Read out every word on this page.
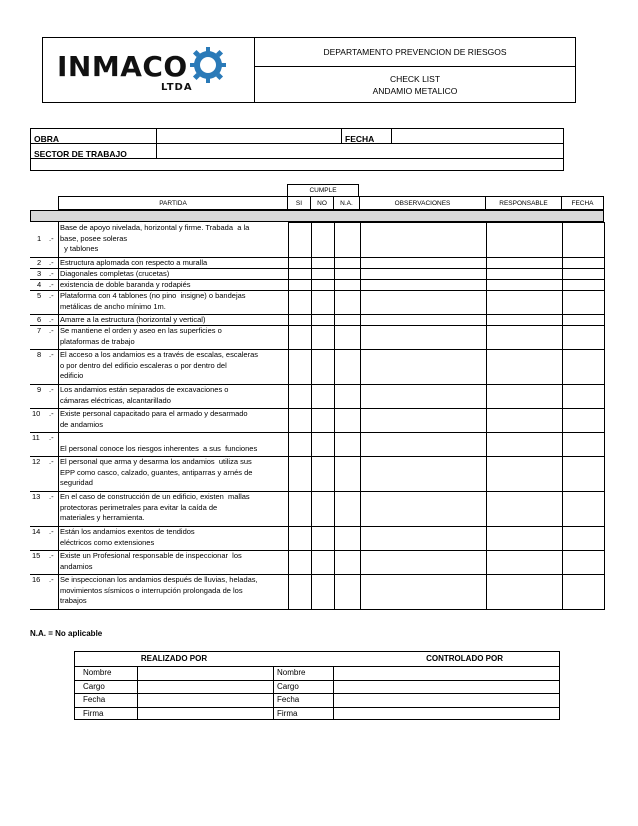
INMACO
LTDA
DEPARTAMENTO PREVENCION DE RIESGOS
CHECK LIST
ANDAMIO METALICO
OBRA	FECHA
SECTOR DE TRABAJO
CUMPLE
PARTIDA	SI	NO	N.A.	OBSERVACIONES	RESPONSABLE	FECHA
1 .-
Base de apoyo nivelada, horizontal y firme. Trabada  a la
base, posee soleras
y tablones
2 .- Estructura aplomada con respecto a muralla
3 .- Diagonales completas (crucetas)
4 .- existencia de doble baranda y rodapiés
5 .- Plataforma con 4 tablones (no pino  insigne) o bandejas
metálicas de ancho mínimo 1m.
6 .- Amarre a la estructura (horizontal y vertical)
7 .- Se mantiene el orden y aseo en las superficies o
plataformas de trabajo
8 .- El acceso a los andamios es a través de escalas, escaleras
o por dentro del edificio escaleras o por dentro del
edificio
9 .- Los andamios están separados de excavaciones o
cámaras eléctricas, alcantarillado
10 .- Existe personal capacitado para el armado y desarmado
de andamios
11 .-
El personal conoce los riesgos inherentes  a sus  funciones
12 .- El personal que arma y desarma los andamios  utiliza sus
EPP como casco, calzado, guantes, antiparras y arnés de
seguridad
13 .- En el caso de construcción de un edificio, existen  mallas
protectoras perimetrales para evitar la caída de
materiales y herramienta.
14 .- Están los andamios exentos de tendidos
eléctricos como extensiones
15 .- Existe un Profesional responsable de inspeccionar  los
andamios
16 .- Se inspeccionan los andamios después de lluvias, heladas,
movimientos sísmicos o interrupción prolongada de los
trabajos
N.A. = No aplicable
REALIZADO POR	CONTROLADO POR
Nombre	Nombre
Cargo	Cargo
Fecha	Fecha
Firma	Firma
